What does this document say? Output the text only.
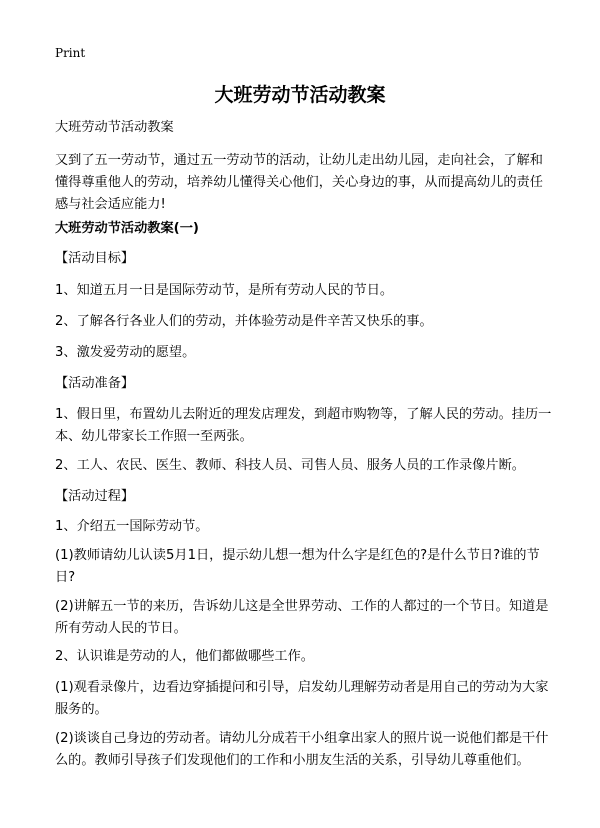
Print
大班劳动节活动教案
大班劳动节活动教案
又到了五一劳动节，通过五一劳动节的活动，让幼儿走出幼儿园，走向社会，了解和懂得尊重他人的劳动，培养幼儿懂得关心他们，关心身边的事，从而提高幼儿的责任感与社会适应能力!
大班劳动节活动教案(一)
【活动目标】
1、知道五月一日是国际劳动节，是所有劳动人民的节日。
2、了解各行各业人们的劳动，并体验劳动是件辛苦又快乐的事。
3、激发爱劳动的愿望。
【活动准备】
1、假日里，布置幼儿去附近的理发店理发，到超市购物等，了解人民的劳动。挂历一本、幼儿带家长工作照一至两张。
2、工人、农民、医生、教师、科技人员、司售人员、服务人员的工作录像片断。
【活动过程】
1、介绍五一国际劳动节。
(1)教师请幼儿认读5月1日，提示幼儿想一想为什么字是红色的?是什么节日?谁的节日?
(2)讲解五一节的来历，告诉幼儿这是全世界劳动、工作的人都过的一个节日。知道是所有劳动人民的节日。
2、认识谁是劳动的人，他们都做哪些工作。
(1)观看录像片，边看边穿插提问和引导，启发幼儿理解劳动者是用自己的劳动为大家服务的。
(2)谈谈自己身边的劳动者。请幼儿分成若干小组拿出家人的照片说一说他们都是干什么的。教师引导孩子们发现他们的工作和小朋友生活的关系，引导幼儿尊重他们。
